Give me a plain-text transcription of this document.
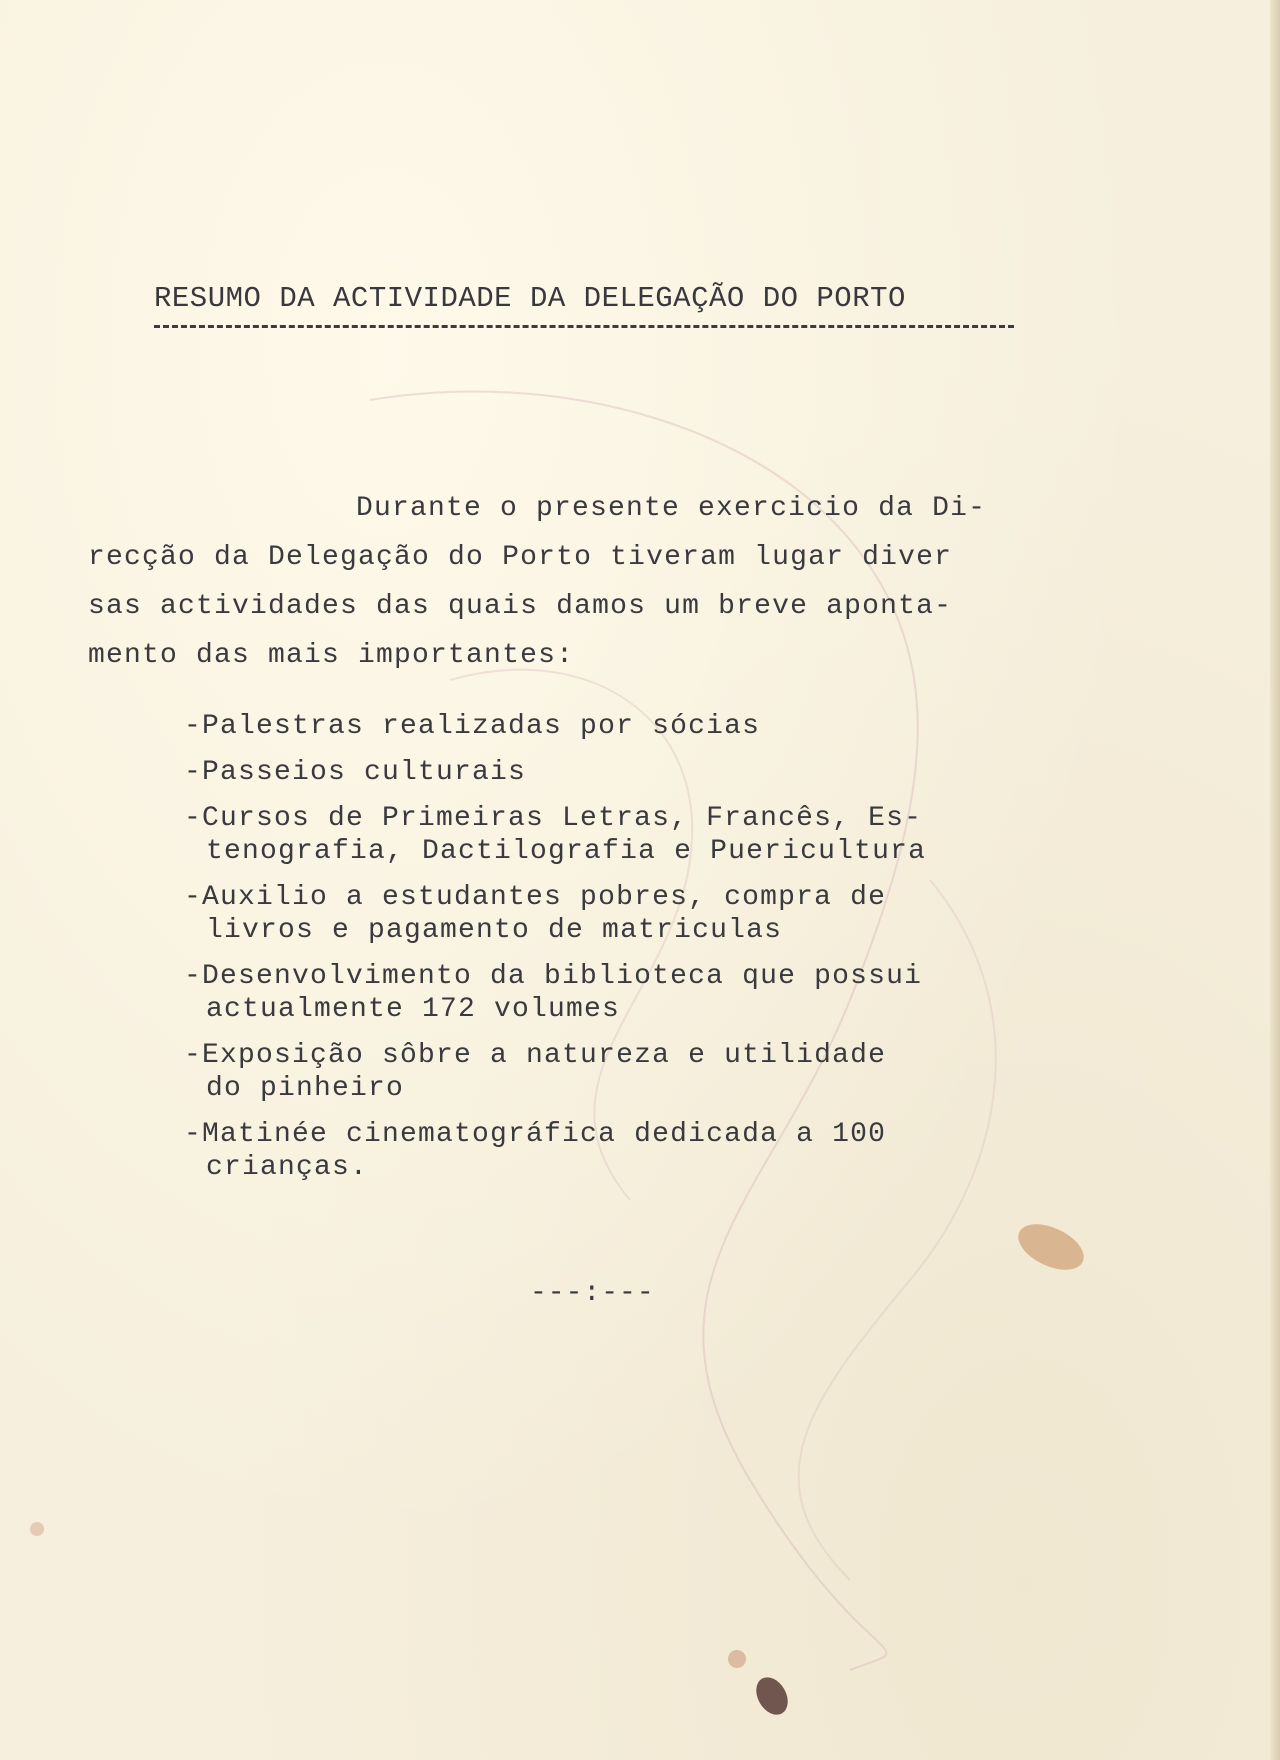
RESUMO DA ACTIVIDADE DA DELEGAÇÃO DO PORTO
Durante o presente exercicio da Di-
recção da Delegação do Porto tiveram lugar diver
sas actividades das quais damos um breve aponta-
mento das mais importantes:
-Palestras realizadas por sócias
-Passeios culturais
-Cursos de Primeiras Letras, Francês, Es-
tenografia, Dactilografia e Puericultura
-Auxilio a estudantes pobres, compra de
livros e pagamento de matriculas
-Desenvolvimento da biblioteca que possui
actualmente 172 volumes
-Exposição sôbre a natureza e utilidade
do pinheiro
-Matinée cinematográfica dedicada a 100
crianças.
---:---
